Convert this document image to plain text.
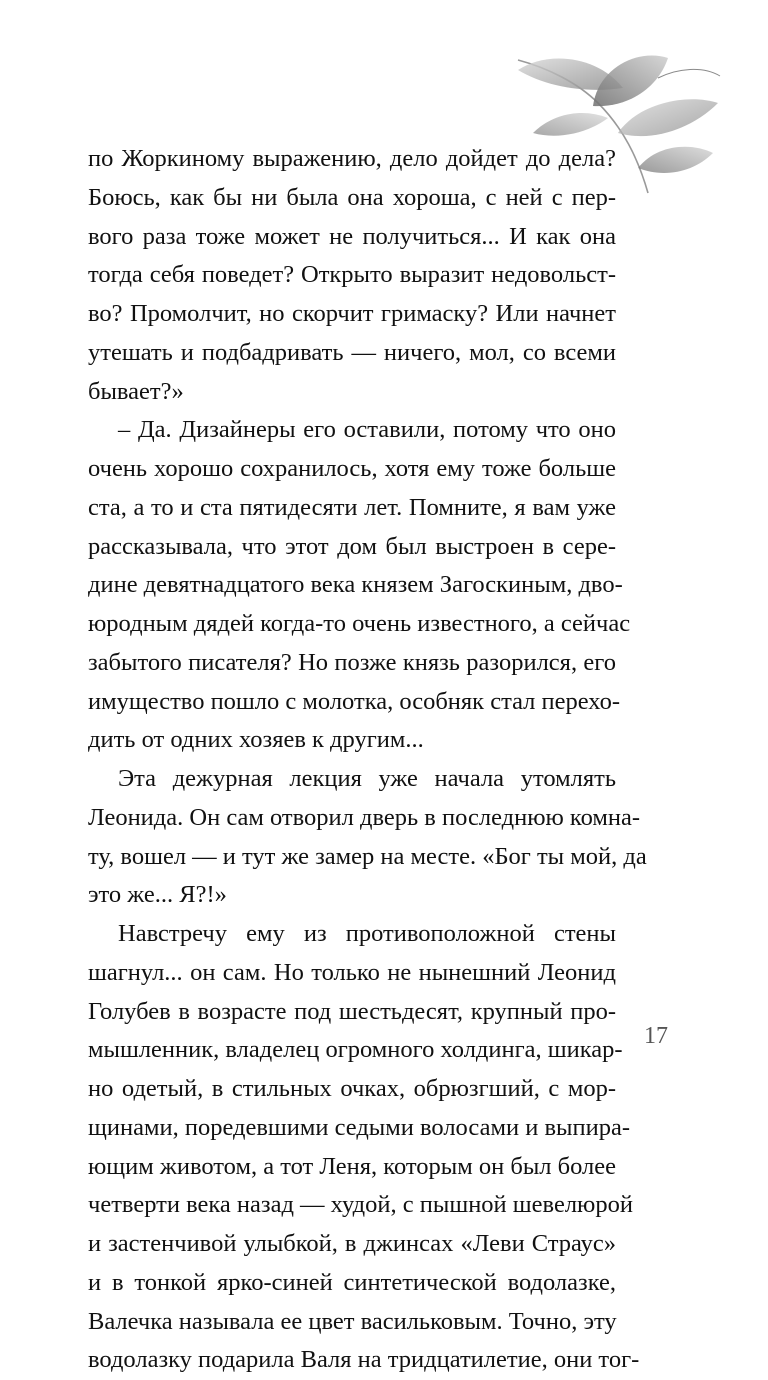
по Жоркиному выражению, дело дойдет до дела?
Боюсь, как бы ни была она хороша, с ней с пер-
вого раза тоже может не получиться... И как она
тогда себя поведет? Открыто выразит недовольст-
во? Промолчит, но скорчит гримаску? Или начнет
утешать и подбадривать — ничего, мол, со всеми
бывает?»
– Да. Дизайнеры его оставили, потому что оно
очень хорошо сохранилось, хотя ему тоже больше
ста, а то и ста пятидесяти лет. Помните, я вам уже
рассказывала, что этот дом был выстроен в сере-
дине девятнадцатого века князем Загоскиным, дво-
юродным дядей когда-то очень известного, а сейчас
забытого писателя? Но позже князь разорился, его
имущество пошло с молотка, особняк стал перехо-
дить от одних хозяев к другим...
Эта дежурная лекция уже начала утомлять
Леонида. Он сам отворил дверь в последнюю комна-
ту, вошел — и тут же замер на месте. «Бог ты мой, да
это же... Я?!»
Навстречу ему из противоположной стены
шагнул... он сам. Но только не нынешний Леонид
Голубев в возрасте под шестьдесят, крупный про-
мышленник, владелец огромного холдинга, шикар-
но одетый, в стильных очках, обрюзгший, с мор-
щинами, поредевшими седыми волосами и выпира-
ющим животом, а тот Леня, которым он был более
четверти века назад — худой, с пышной шевелюрой
и застенчивой улыбкой, в джинсах «Леви Страус»
и в тонкой ярко-синей синтетической водолазке,
Валечка называла ее цвет васильковым. Точно, эту
водолазку подарила Валя на тридцатилетие, они тог-
17
